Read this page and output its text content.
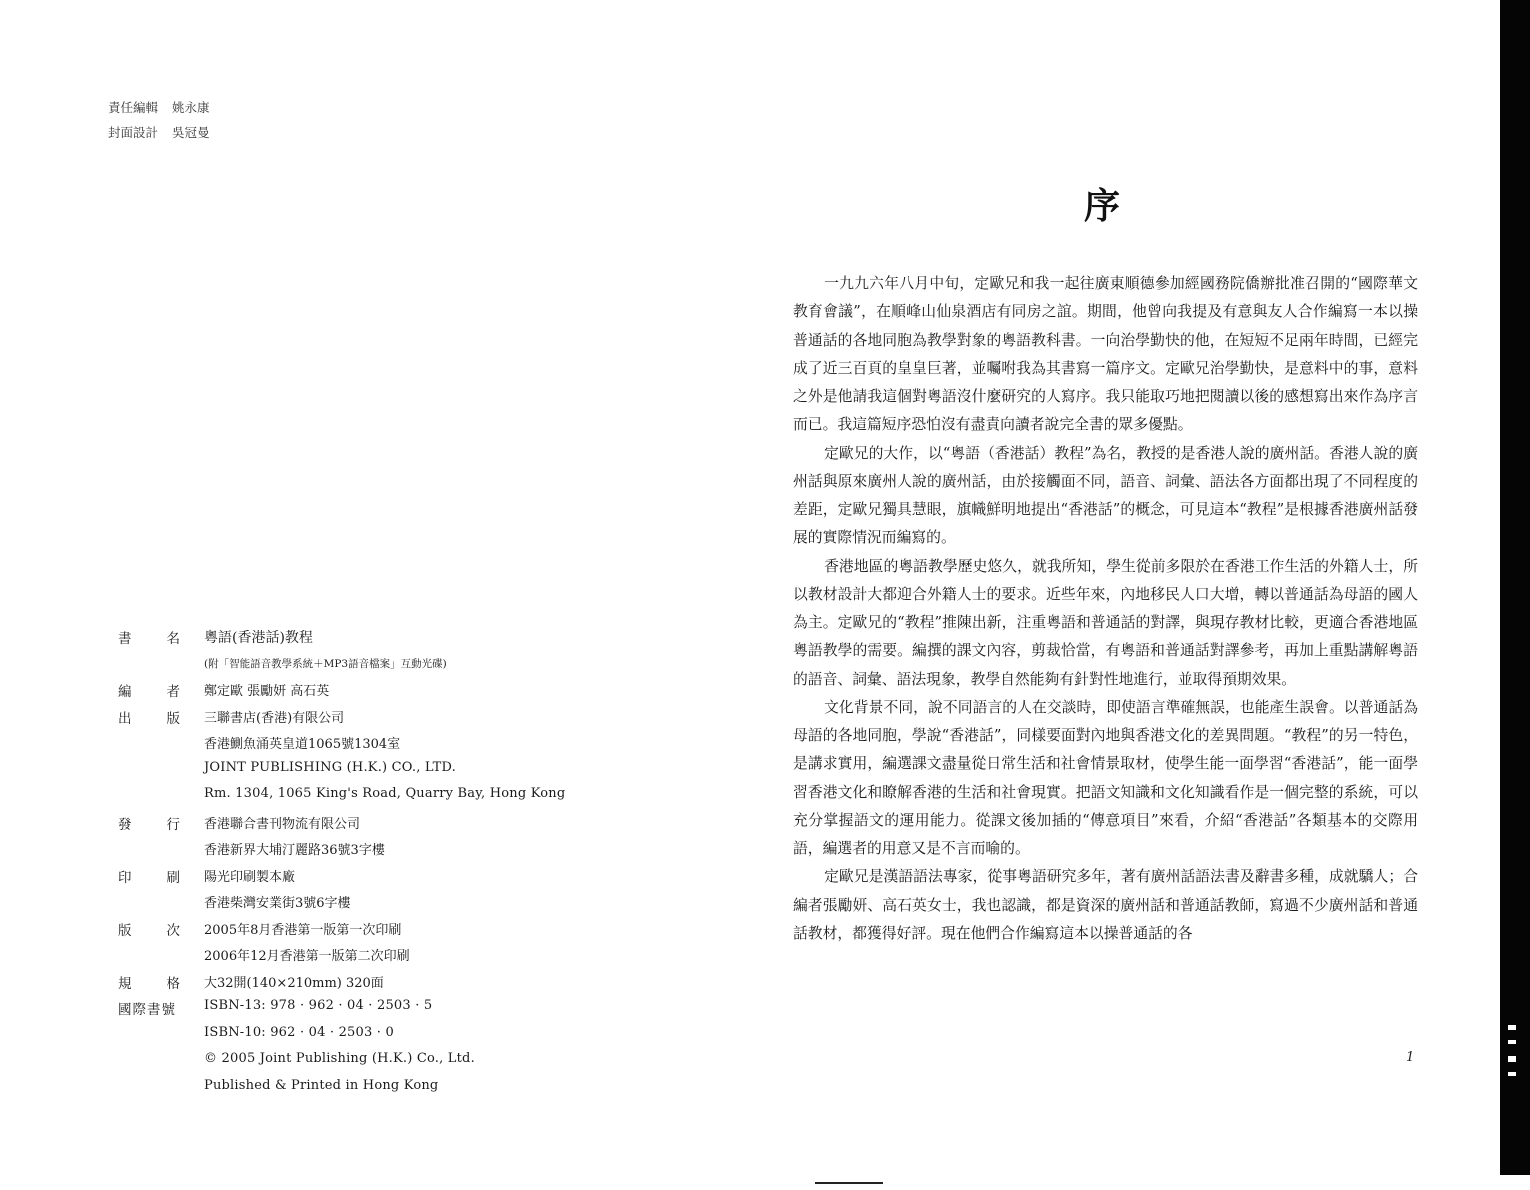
責任編輯 姚永康
封面設計 吳冠曼
書	名 粵語(香港話)教程
(附「智能語音教學系統＋MP3語音檔案」互動光碟)
編	者 鄭定歐 張勵妍 高石英
出	版 三聯書店(香港)有限公司
香港鰂魚涌英皇道1065號1304室
JOINT PUBLISHING (H.K.) CO., LTD.
Rm. 1304, 1065 King's Road, Quarry Bay, Hong Kong
發	行 香港聯合書刊物流有限公司
香港新界大埔汀麗路36號3字樓
印	刷 陽光印刷製本廠
香港柴灣安業街3號6字樓
版	次 2005年8月香港第一版第一次印刷
2006年12月香港第一版第二次印刷
規	格 大32開(140×210mm) 320面
國際書號 ISBN-13: 978 · 962 · 04 · 2503 · 5
ISBN-10: 962 · 04 · 2503 · 0
© 2005 Joint Publishing (H.K.) Co., Ltd.
Published & Printed in Hong Kong
序

一九九六年八月中旬，定歐兄和我一起往廣東順德參加經國務院僑辦批准召開的“國際華文教育會議”，在順峰山仙泉酒店有同房之誼。期間，他曾向我提及有意與友人合作編寫一本以操普通話的各地同胞為教學對象的粵語教科書。一向治學勤快的他，在短短不足兩年時間，已經完成了近三百頁的皇皇巨著，並囑咐我為其書寫一篇序文。定歐兄治學勤快，是意料中的事，意料之外是他請我這個對粵語沒什麼研究的人寫序。我只能取巧地把閱讀以後的感想寫出來作為序言而已。我這篇短序恐怕沒有盡責向讀者說完全書的眾多優點。

定歐兄的大作，以“粵語（香港話）教程”為名，教授的是香港人說的廣州話。香港人說的廣州話與原來廣州人說的廣州話，由於接觸面不同，語音、詞彙、語法各方面都出現了不同程度的差距，定歐兄獨具慧眼，旗幟鮮明地提出“香港話”的概念，可見這本“教程”是根據香港廣州話發展的實際情況而編寫的。

香港地區的粵語教學歷史悠久，就我所知，學生從前多限於在香港工作生活的外籍人士，所以教材設計大都迎合外籍人士的要求。近些年來，內地移民人口大增，轉以普通話為母語的國人為主。定歐兄的“教程”推陳出新，注重粵語和普通話的對譯，與現存教材比較，更適合香港地區粵語教學的需要。編撰的課文內容，剪裁恰當，有粵語和普通話對譯參考，再加上重點講解粵語的語音、詞彙、語法現象，教學自然能夠有針對性地進行，並取得預期效果。

文化背景不同，說不同語言的人在交談時，即使語言準確無誤，也能產生誤會。以普通話為母語的各地同胞，學說“香港話”，同樣要面對內地與香港文化的差異問題。“教程”的另一特色，是講求實用，編選課文盡量從日常生活和社會情景取材，使學生能一面學習“香港話”，能一面學習香港文化和瞭解香港的生活和社會現實。把語文知識和文化知識看作是一個完整的系統，可以充分掌握語文的運用能力。從課文後加插的“傳意項目”來看，介紹“香港話”各類基本的交際用語，編選者的用意又是不言而喻的。

定歐兄是漢語語法專家，從事粵語研究多年，著有廣州話語法書及辭書多種，成就驕人；合編者張勵妍、高石英女士，我也認識，都是資深的廣州話和普通話教師，寫過不少廣州話和普通話教材，都獲得好評。現在他們合作編寫這本以操普通話的各

1
